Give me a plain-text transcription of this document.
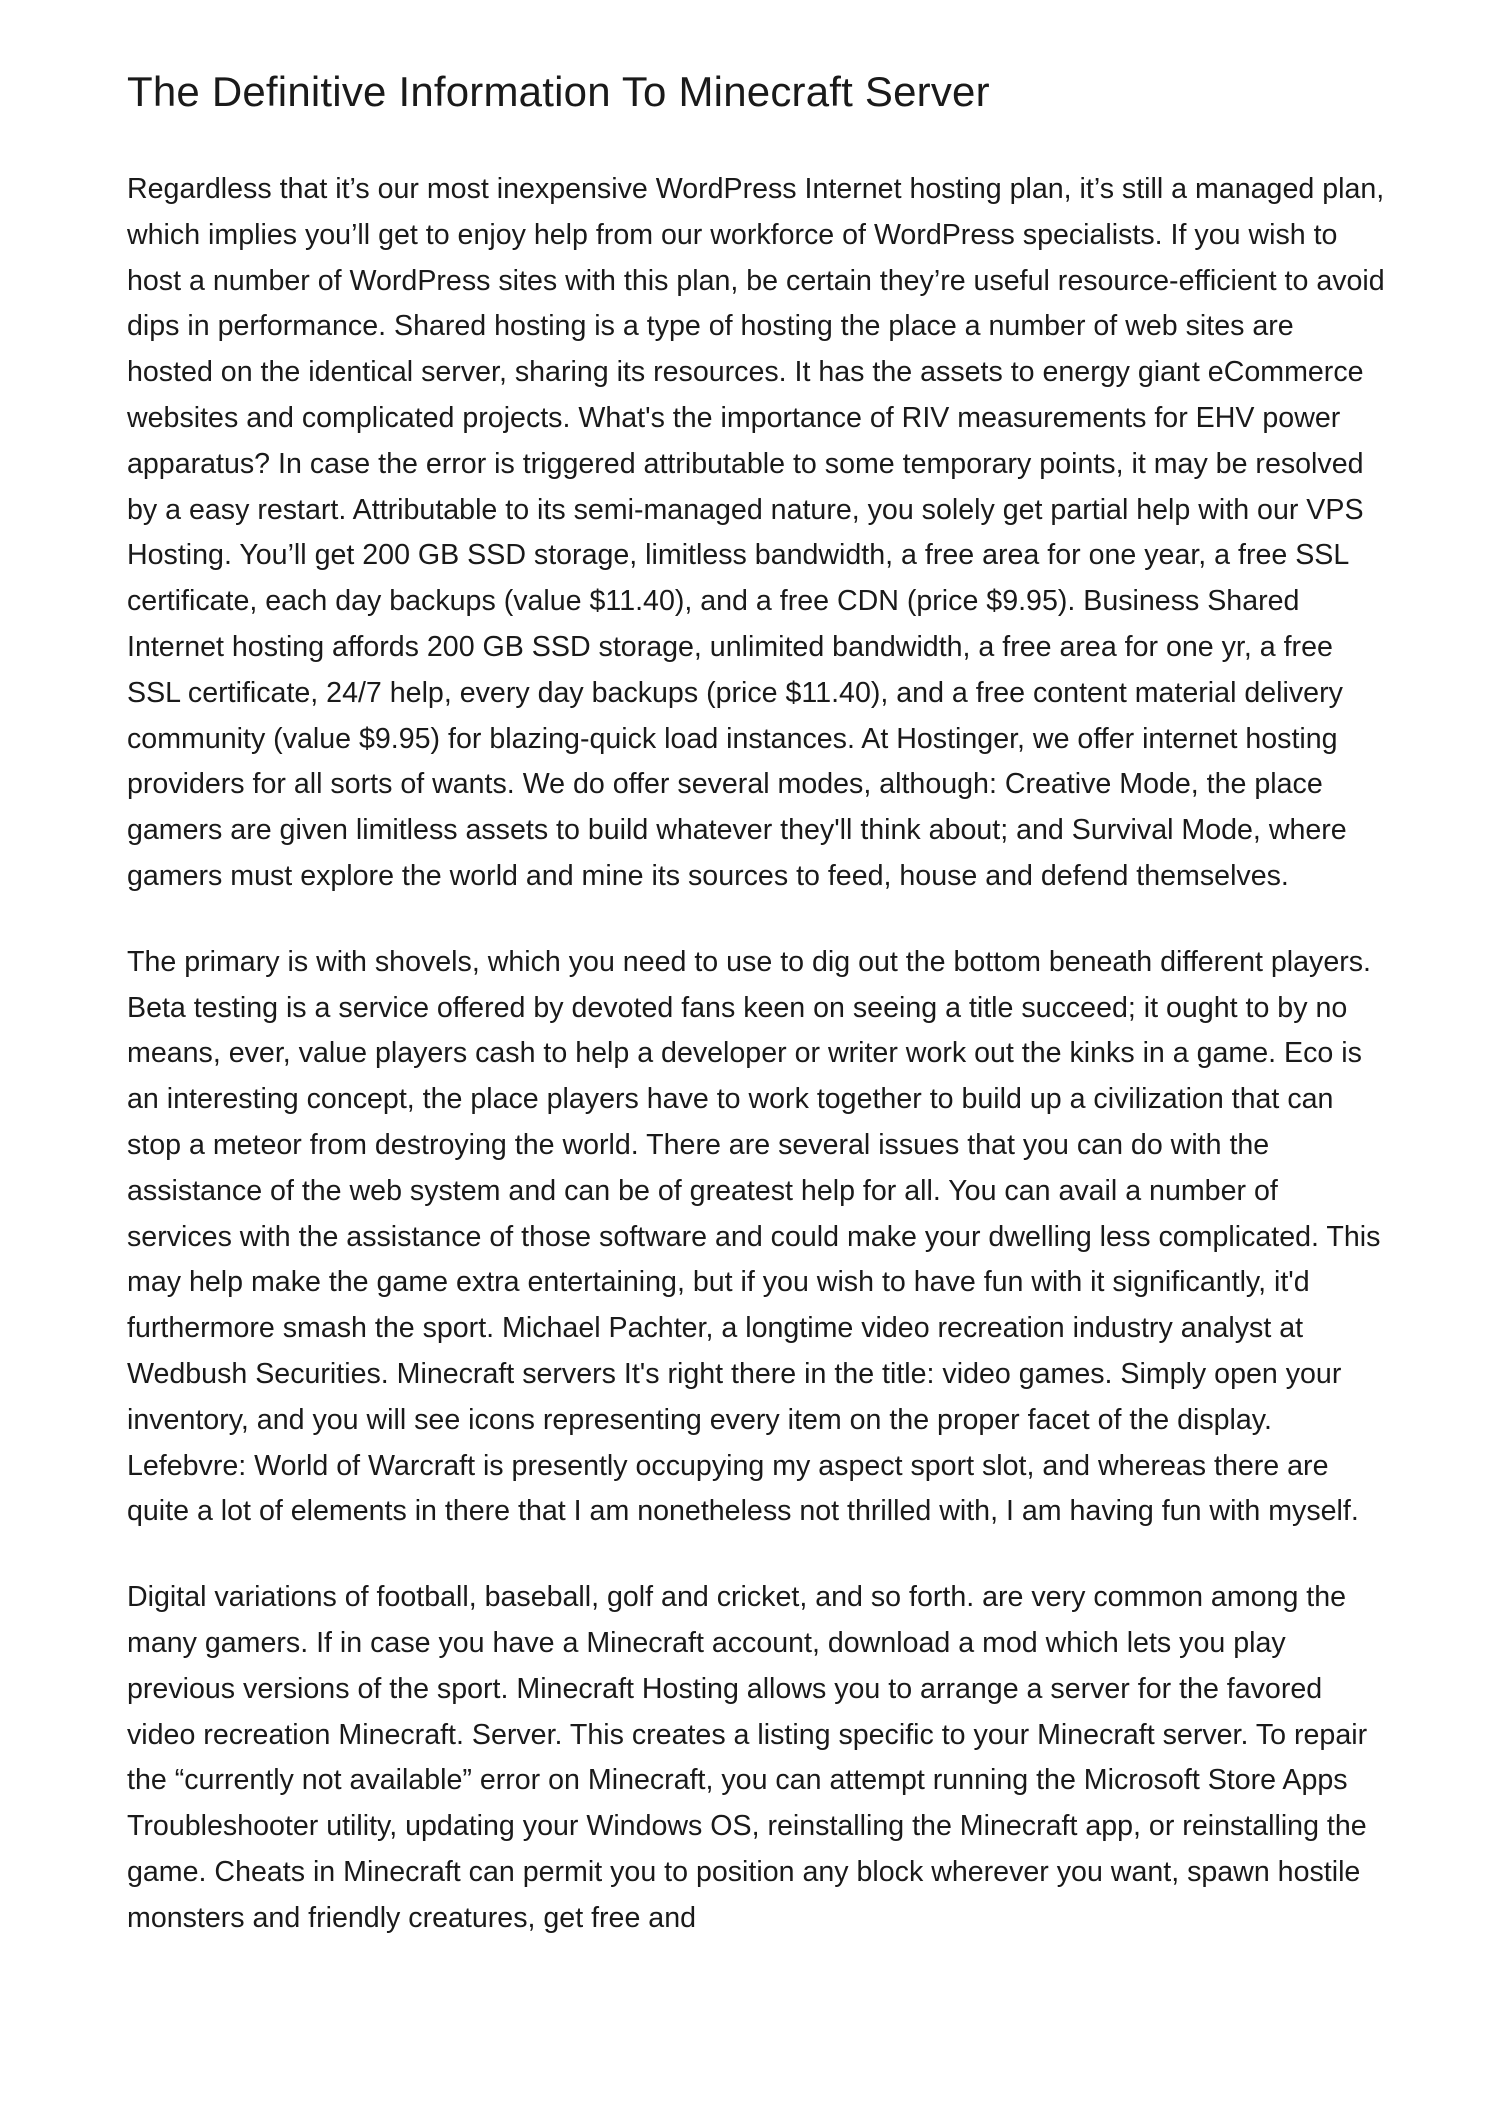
The Definitive Information To Minecraft Server

Regardless that it’s our most inexpensive WordPress Internet hosting plan, it’s still a managed plan, which implies you’ll get to enjoy help from our workforce of WordPress specialists. If you wish to host a number of WordPress sites with this plan, be certain they’re useful resource-efficient to avoid dips in performance. Shared hosting is a type of hosting the place a number of web sites are hosted on the identical server, sharing its resources. It has the assets to energy giant eCommerce websites and complicated projects. What's the importance of RIV measurements for EHV power apparatus? In case the error is triggered attributable to some temporary points, it may be resolved by a easy restart. Attributable to its semi-managed nature, you solely get partial help with our VPS Hosting. You’ll get 200 GB SSD storage, limitless bandwidth, a free area for one year, a free SSL certificate, each day backups (value $11.40), and a free CDN (price $9.95). Business Shared Internet hosting affords 200 GB SSD storage, unlimited bandwidth, a free area for one yr, a free SSL certificate, 24/7 help, every day backups (price $11.40), and a free content material delivery community (value $9.95) for blazing-quick load instances. At Hostinger, we offer internet hosting providers for all sorts of wants. We do offer several modes, although: Creative Mode, the place gamers are given limitless assets to build whatever they'll think about; and Survival Mode, where gamers must explore the world and mine its sources to feed, house and defend themselves.

The primary is with shovels, which you need to use to dig out the bottom beneath different players. Beta testing is a service offered by devoted fans keen on seeing a title succeed; it ought to by no means, ever, value players cash to help a developer or writer work out the kinks in a game. Eco is an interesting concept, the place players have to work together to build up a civilization that can stop a meteor from destroying the world. There are several issues that you can do with the assistance of the web system and can be of greatest help for all. You can avail a number of services with the assistance of those software and could make your dwelling less complicated. This may help make the game extra entertaining, but if you wish to have fun with it significantly, it'd furthermore smash the sport. Michael Pachter, a longtime video recreation industry analyst at Wedbush Securities. Minecraft servers It's right there in the title: video games. Simply open your inventory, and you will see icons representing every item on the proper facet of the display. Lefebvre: World of Warcraft is presently occupying my aspect sport slot, and whereas there are quite a lot of elements in there that I am nonetheless not thrilled with, I am having fun with myself.

Digital variations of football, baseball, golf and cricket, and so forth. are very common among the many gamers. If in case you have a Minecraft account, download a mod which lets you play previous versions of the sport. Minecraft Hosting allows you to arrange a server for the favored video recreation Minecraft. Server. This creates a listing specific to your Minecraft server. To repair the “currently not available” error on Minecraft, you can attempt running the Microsoft Store Apps Troubleshooter utility, updating your Windows OS, reinstalling the Minecraft app, or reinstalling the game. Cheats in Minecraft can permit you to position any block wherever you want, spawn hostile monsters and friendly creatures, get free and
